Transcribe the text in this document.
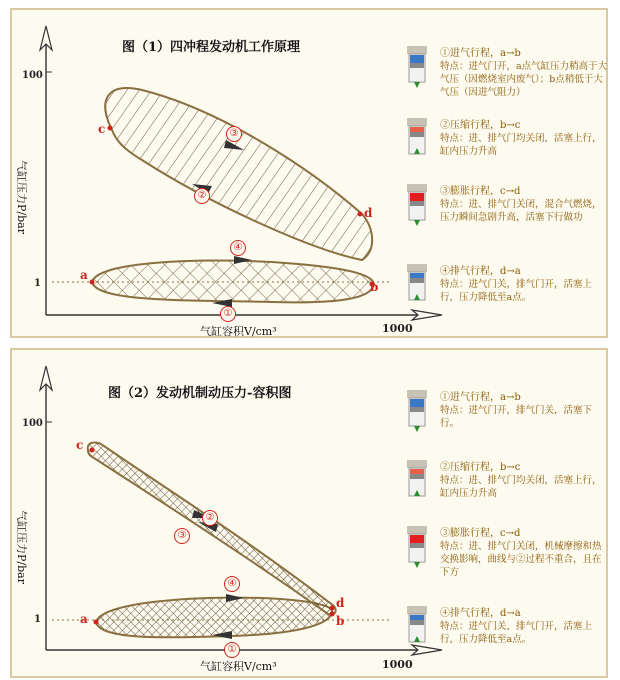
图（1）四冲程发动机工作原理
100
1
气缸压力P/bar
气缸容积V/cm³	1000
a
b
c
d
①
②
③
④
①进气行程，a→b
特点：进气门开，a点气缸压力稍高于大气压（因燃烧室内废气）；b点稍低于大气压（因进气阻力）
②压缩行程，b→c
特点：进、排气门均关闭，活塞上行，缸内压力升高
③膨胀行程，c→d
特点：进、排气门关闭，混合气燃烧，压力瞬间急剧升高，活塞下行做功
④排气行程，d→a
特点：进气门关，排气门开，活塞上行，压力降低至a点。
图（2）发动机制动压力-容积图
100
1
气缸压力P/bar
气缸容积V/cm³	1000
a	b
c
d
①
②
③
④
①进气行程，a→b
特点：进气门开，排气门关，活塞下行。
②压缩行程，b→c
特点：进、排气门均关闭，活塞上行，缸内压力升高
③膨胀行程，c→d
特点：进、排气门关闭，机械摩擦和热交换影响，曲线与②过程不重合，且在下方
④排气行程，d→a
特点：进气门关，排气门开，活塞上行，压力降低至a点。
